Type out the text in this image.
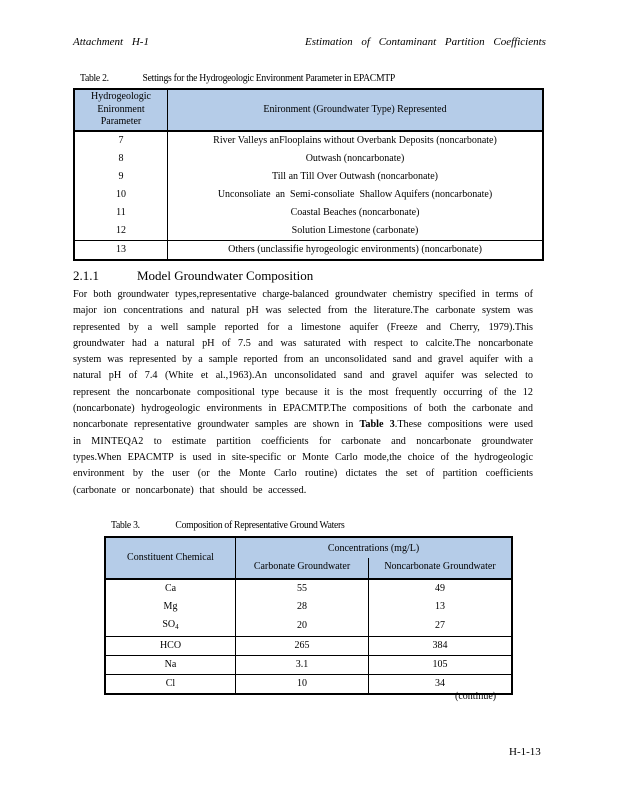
Attachment H-1	Estimation of Contaminant Partition Coefficients
Table 2.	Settings for the Hydrogeologic Environment Parameter in EPACMTP
Hydrogeologic Enironment Parameter	Enironment (Groundwater Type) Represented
7	River Valleys anFlooplains without Overbank Deposits (noncarbonate)
8	Outwash (noncarbonate)
9	Till an Till Over Outwash (noncarbonate)
10	Unconsoliate  an  Semi-consoliate  Shallow Aquifers (noncarbonate)
11	Coastal Beaches (noncarbonate)
12	Solution Limestone (carbonate)
13	Others (unclassifie hyrogeologic environments) (noncarbonate)
2.1.1	Model Groundwater Composition
For both groundwater types,representative charge-balanced groundwater chemistry specified in terms of major ion concentrations and natural pH was selected from the literature.The carbonate system was represented by a well sample reported for a limestone aquifer (Freeze and Cherry, 1979).This groundwater had a natural pH of 7.5 and was saturated with respect to calcite.The noncarbonate system was represented by a sample reported from an unconsolidated sand and gravel aquifer with a natural pH of 7.4 (White et al.,1963).An unconsolidated sand and gravel aquifer was selected to represent the noncarbonate compositional type because it is the most frequently occurring of the 12 (noncarbonate) hydrogeologic environments in EPACMTP.The compositions of both the carbonate and noncarbonate representative groundwater samples are shown in Table 3.These compositions were used in MINTEQA2 to estimate partition coefficients for carbonate and noncarbonate groundwater types.When EPACMTP is used in site-specific or Monte Carlo mode,the choice of the hydrogeologic environment by the user (or the Monte Carlo routine) dictates the set of partition coefficients (carbonate or noncarbonate) that should be accessed.
Table 3.	Composition of Representative Ground Waters
Constituent Chemical	Concentrations (mg/L)	
	Carbonate Groundwater	Noncarbonate Groundwater
Ca	55	49
Mg	28	13
$SO_4$	20	27
HCO	265	384
Na	3.1	105
Cl	10	34
(continue)
H-1-13
